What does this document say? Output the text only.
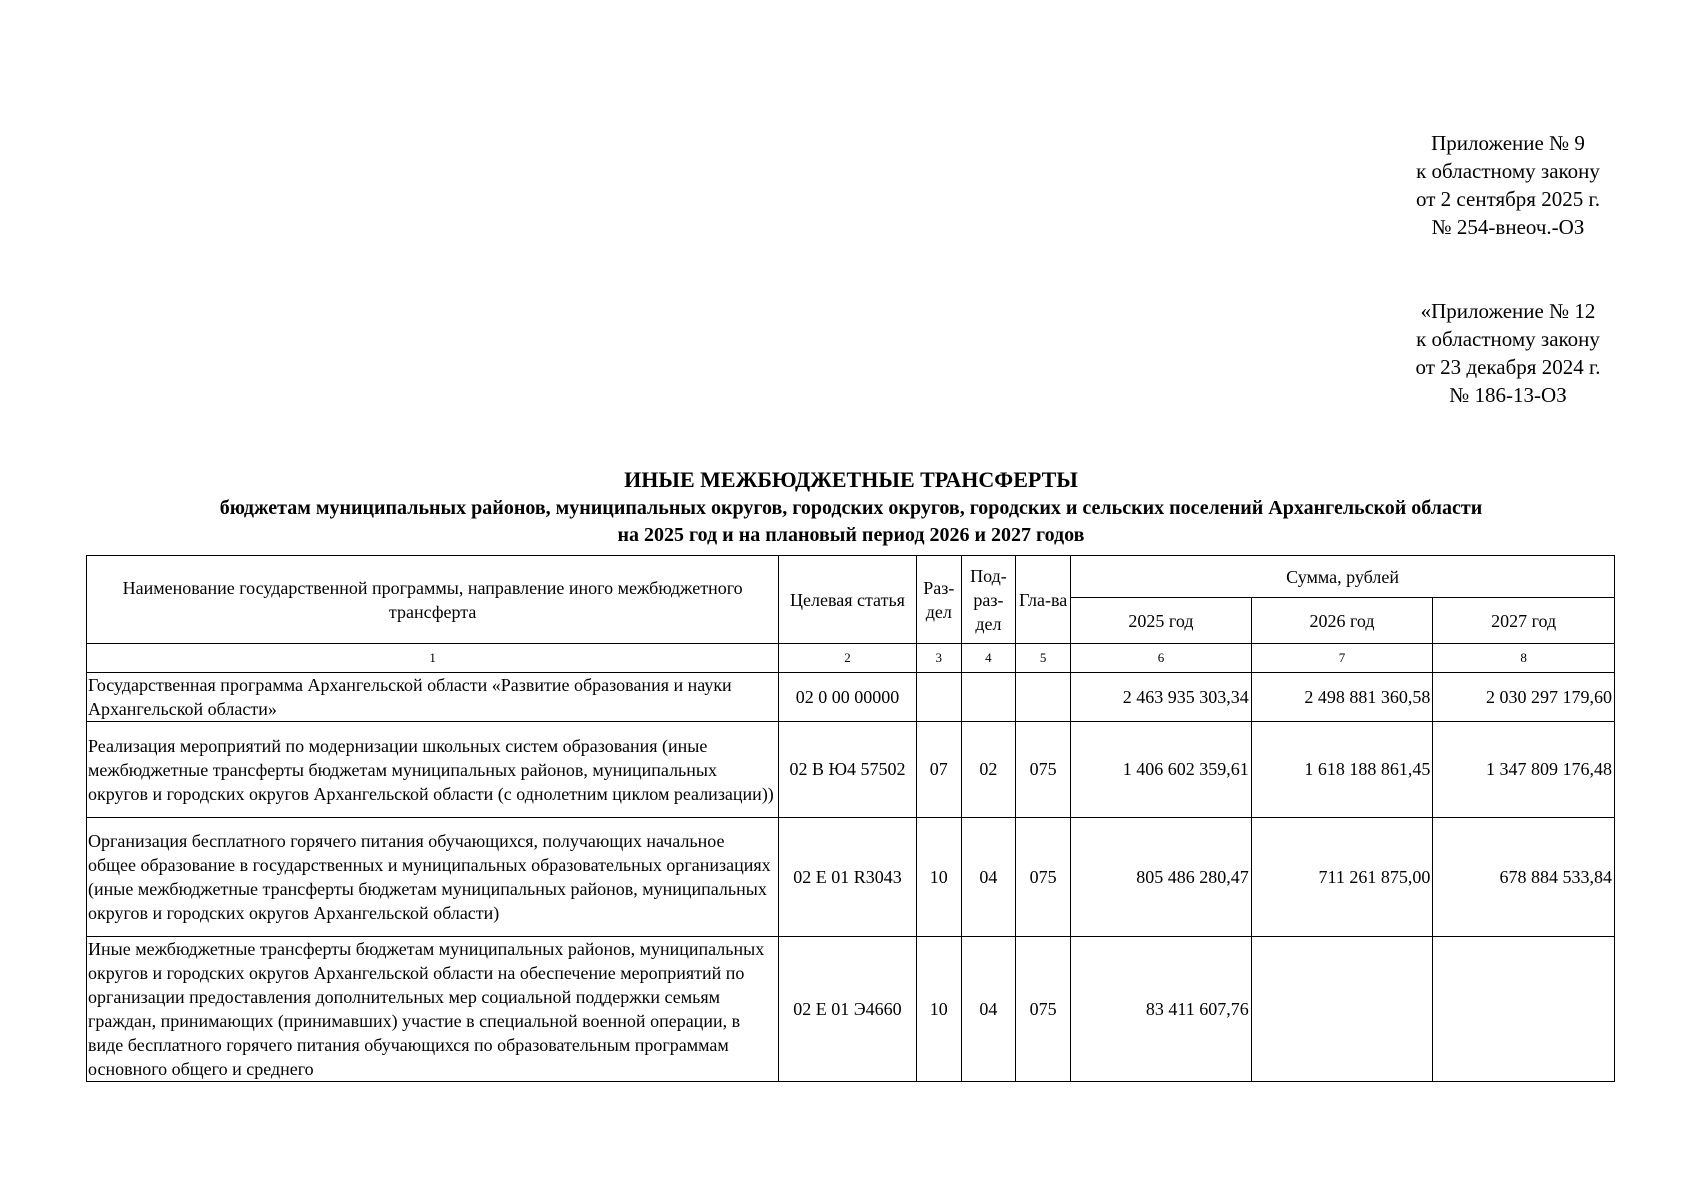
Приложение № 9
к областному закону
от 2 сентября 2025 г.
№ 254-внеоч.-ОЗ
«Приложение № 12
к областному закону
от 23 декабря 2024 г.
№ 186-13-ОЗ
ИНЫЕ МЕЖБЮДЖЕТНЫЕ ТРАНСФЕРТЫ
бюджетам муниципальных районов, муниципальных округов, городских округов, городских и сельских поселений Архангельской области
на 2025 год и на плановый период 2026 и 2027 годов
Наименование государственной программы, направление иного межбюджетного трансферта	Целевая статья	Раз-дел	Под-раз-дел	Гла-ва	Сумма, рублей		
					2025 год	2026 год	2027 год
1	2	3	4	5	6	7	8
Государственная программа Архангельской области «Развитие образования и науки Архангельской области»	02 0 00 00000				2 463 935 303,34	2 498 881 360,58	2 030 297 179,60
Реализация мероприятий по модернизации школьных систем образования (иные межбюджетные трансферты бюджетам муниципальных районов, муниципальных округов и городских округов Архангельской области (с однолетним циклом реализации))	02 В Ю4 57502	07	02	075	1 406 602 359,61	1 618 188 861,45	1 347 809 176,48
Организация бесплатного горячего питания обучающихся, получающих начальное общее образование в государственных и муниципальных образовательных организациях (иные межбюджетные трансферты бюджетам муниципальных районов, муниципальных округов и городских округов Архангельской области)	02 Е 01 R3043	10	04	075	805 486 280,47	711 261 875,00	678 884 533,84
Иные межбюджетные трансферты бюджетам муниципальных районов, муниципальных округов и городских округов Архангельской области на обеспечение мероприятий по организации предоставления дополнительных мер социальной поддержки семьям граждан, принимающих (принимавших) участие в специальной военной операции, в виде бесплатного горячего питания обучающихся по образовательным программам основного общего и среднего	02 Е 01 Э4660	10	04	075	83 411 607,76		
